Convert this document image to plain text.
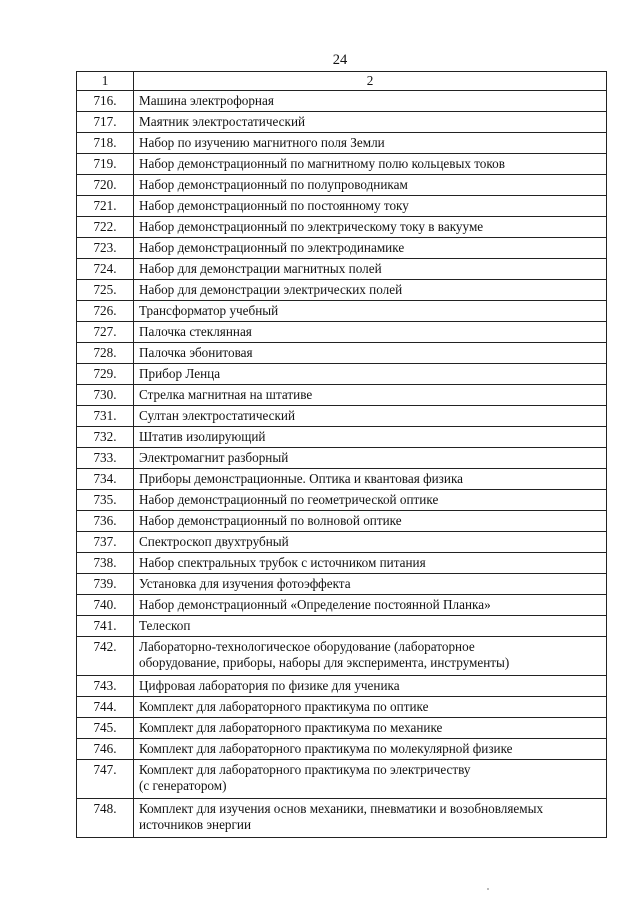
24
1	2
716.	Машина электрофорная
717.	Маятник электростатический
718.	Набор по изучению магнитного поля Земли
719.	Набор демонстрационный по магнитному полю кольцевых токов
720.	Набор демонстрационный по полупроводникам
721.	Набор демонстрационный по постоянному току
722.	Набор демонстрационный по электрическому току в вакууме
723.	Набор демонстрационный по электродинамике
724.	Набор для демонстрации магнитных полей
725.	Набор для демонстрации электрических полей
726.	Трансформатор учебный
727.	Палочка стеклянная
728.	Палочка эбонитовая
729.	Прибор Ленца
730.	Стрелка магнитная на штативе
731.	Султан электростатический
732.	Штатив изолирующий
733.	Электромагнит разборный
734.	Приборы демонстрационные. Оптика и квантовая физика
735.	Набор демонстрационный по геометрической оптике
736.	Набор демонстрационный по волновой оптике
737.	Спектроскоп двухтрубный
738.	Набор спектральных трубок с источником питания
739.	Установка для изучения фотоэффекта
740.	Набор демонстрационный «Определение постоянной Планка»
741.	Телескоп
742.	Лабораторно-технологическое оборудование (лабораторное
оборудование, приборы, наборы для эксперимента, инструменты)

743.	Цифровая лаборатория по физике для ученика
744.	Комплект для лабораторного практикума по оптике
745.	Комплект для лабораторного практикума по механике
746.	Комплект для лабораторного практикума по молекулярной физике
747.	Комплект для лабораторного практикума по электричеству
(с генератором)

748.	Комплект для изучения основ механики, пневматики и возобновляемых
источников энергии
